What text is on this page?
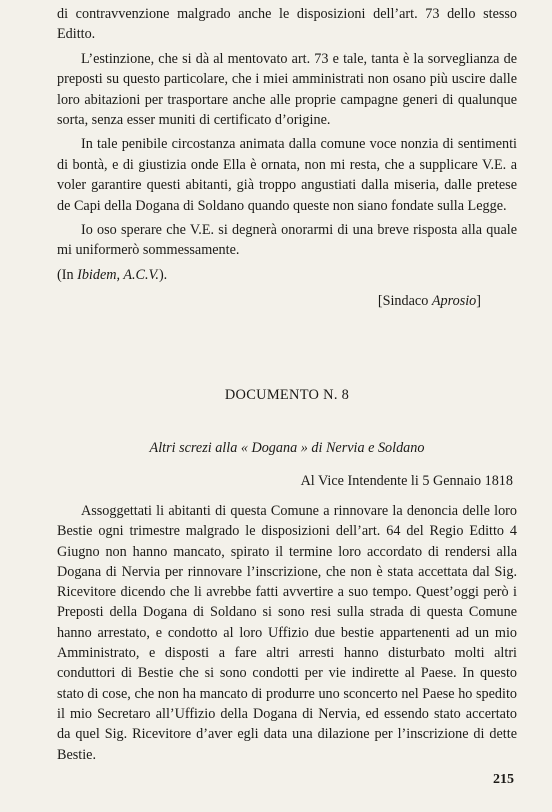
di contravvenzione malgrado anche le disposizioni dell’art. 73 dello stesso Editto.

L’estinzione, che si dà al mentovato art. 73 e tale, tanta è la sorveglianza de preposti su questo particolare, che i miei amministrati non osano più uscire dalle loro abitazioni per trasportare anche alle proprie campagne generi di qualunque sorta, senza esser muniti di certificato d’origine.

In tale penibile circostanza animata dalla comune voce nonzia di sentimenti di bontà, e di giustizia onde Ella è ornata, non mi resta, che a supplicare V.E. a voler garantire questi abitanti, già troppo angustiati dalla miseria, dalle pretese de Capi della Dogana di Soldano quando queste non siano fondate sulla Legge.

Io oso sperare che V.E. si degnerà onorarmi di una breve risposta alla quale mi uniformerò sommessamente.

(In Ibidem, A.C.V.).

[Sindaco Aprosio]

DOCUMENTO N. 8
Altri screzi alla « Dogana » di Nervia e Soldano
Al Vice Intendente li 5 Gennaio 1818

Assoggettati li abitanti di questa Comune a rinnovare la denoncia delle loro Bestie ogni trimestre malgrado le disposizioni dell’art. 64 del Regio Editto 4 Giugno non hanno mancato, spirato il termine loro accordato di rendersi alla Dogana di Nervia per rinnovare l’inscrizione, che non è stata accettata dal Sig. Ricevitore dicendo che li avrebbe fatti avvertire a suo tempo. Quest’oggi però i Preposti della Dogana di Soldano si sono resi sulla strada di questa Comune hanno arrestato, e condotto al loro Uffizio due bestie appartenenti ad un mio Amministrato, e disposti a fare altri arresti hanno disturbato molti altri conduttori di Bestie che si sono condotti per vie indirette al Paese. In questo stato di cose, che non ha mancato di produrre uno sconcerto nel Paese ho spedito il mio Secretaro all’Uffizio della Dogana di Nervia, ed essendo stato accertato da quel Sig. Ricevitore d’aver egli data una dilazione per l’inscrizione di dette Bestie.

215
